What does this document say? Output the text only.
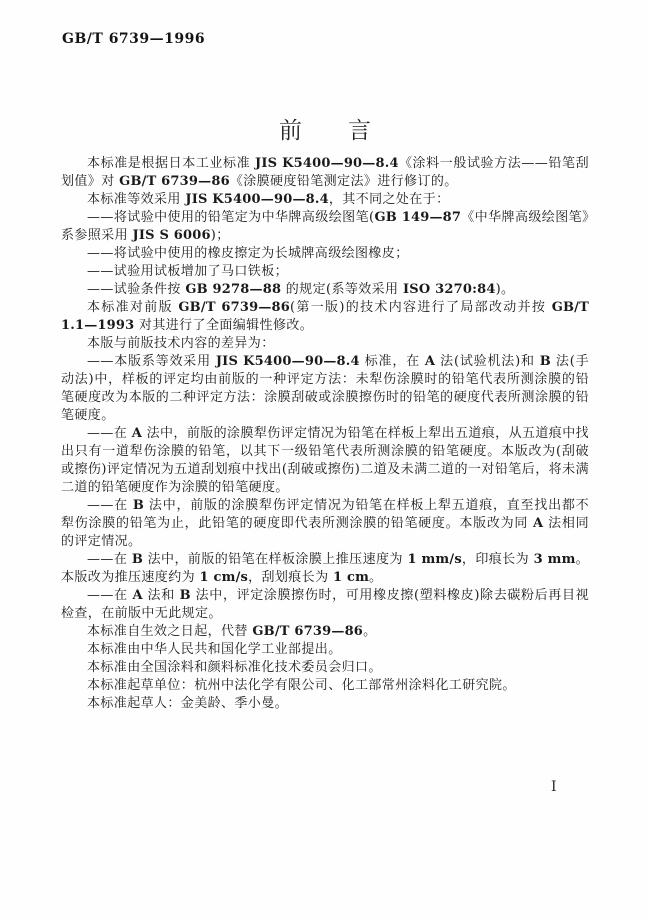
GB/T 6739—1996
前　　言

本标准是根据日本工业标准 JIS K5400—90—8.4《涂料一般试验方法——铅笔刮划值》对 GB/T 6739—86《涂膜硬度铅笔测定法》进行修订的。

本标准等效采用 JIS K5400—90—8.4，其不同之处在于：

——将试验中使用的铅笔定为中华牌高级绘图笔(GB 149—87《中华牌高级绘图笔》系参照采用 JIS S 6006)；

——将试验中使用的橡皮擦定为长城牌高级绘图橡皮；

——试验用试板增加了马口铁板；

——试验条件按 GB 9278—88 的规定(系等效采用 ISO 3270:84)。

本标准对前版 GB/T 6739—86(第一版)的技术内容进行了局部改动并按 GB/T 1.1—1993 对其进行了全面编辑性修改。

本版与前版技术内容的差异为：

——本版系等效采用 JIS K5400—90—8.4 标准，在 A 法(试验机法)和 B 法(手动法)中，样板的评定均由前版的一种评定方法：未犁伤涂膜时的铅笔代表所测涂膜的铅笔硬度改为本版的二种评定方法：涂膜刮破或涂膜擦伤时的铅笔的硬度代表所测涂膜的铅笔硬度。

——在 A 法中，前版的涂膜犁伤评定情况为铅笔在样板上犁出五道痕，从五道痕中找出只有一道犁伤涂膜的铅笔，以其下一级铅笔代表所测涂膜的铅笔硬度。本版改为(刮破或擦伤)评定情况为五道刮划痕中找出(刮破或擦伤)二道及未满二道的一对铅笔后，将未满二道的铅笔硬度作为涂膜的铅笔硬度。

——在 B 法中，前版的涂膜犁伤评定情况为铅笔在样板上犁五道痕，直至找出都不犁伤涂膜的铅笔为止，此铅笔的硬度即代表所测涂膜的铅笔硬度。本版改为同 A 法相同的评定情况。

——在 B 法中，前版的铅笔在样板涂膜上推压速度为 1 mm/s，印痕长为 3 mm。本版改为推压速度约为 1 cm/s，刮划痕长为 1 cm。

——在 A 法和 B 法中，评定涂膜擦伤时，可用橡皮擦(塑料橡皮)除去碳粉后再目视检查，在前版中无此规定。

本标准自生效之日起，代替 GB/T 6739—86。

本标准由中华人民共和国化学工业部提出。

本标准由全国涂料和颜料标准化技术委员会归口。

本标准起草单位：杭州中法化学有限公司、化工部常州涂料化工研究院。

本标准起草人：金美龄、季小曼。

I
